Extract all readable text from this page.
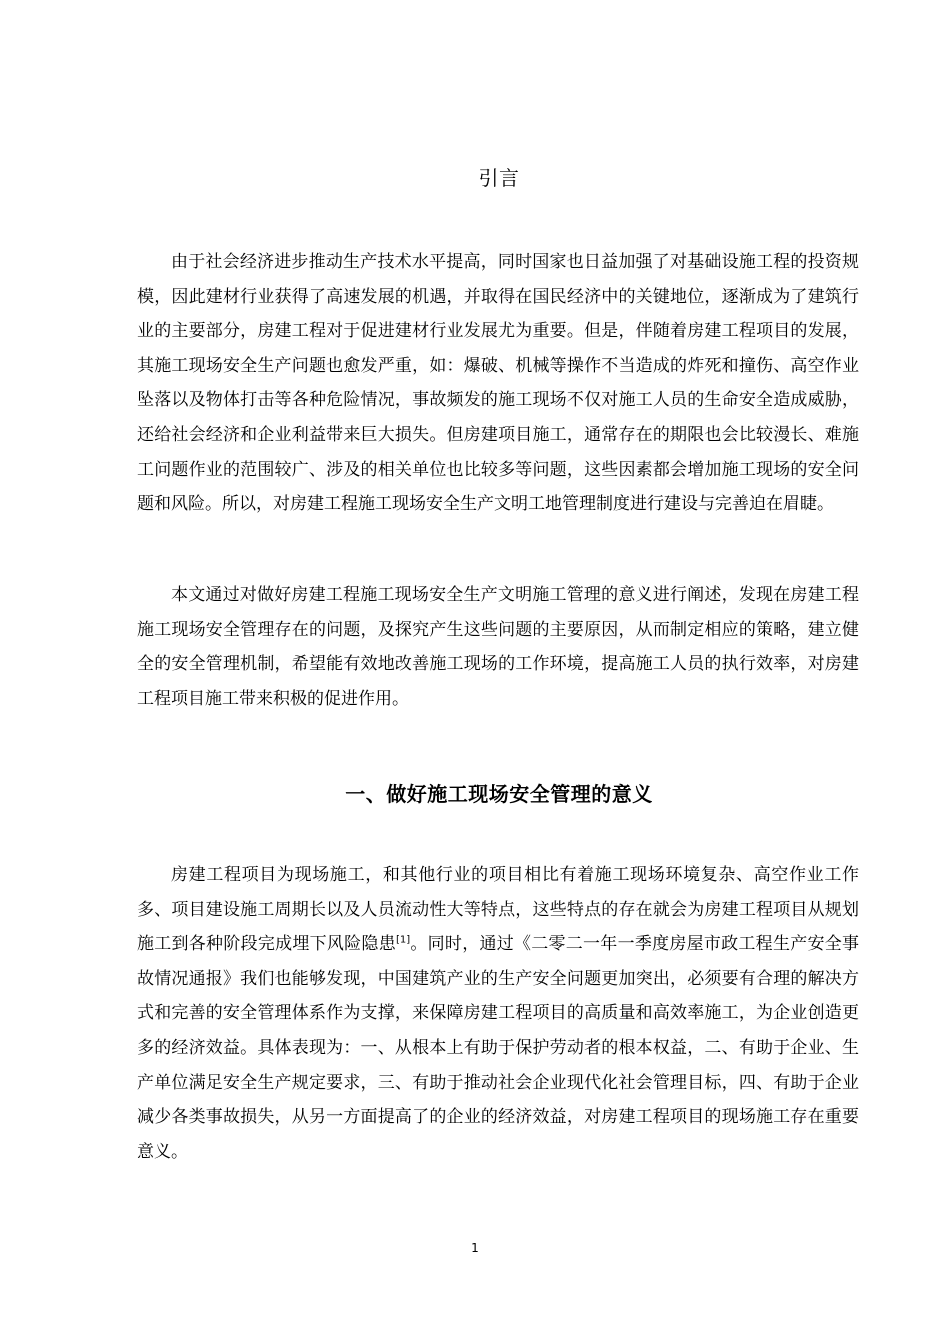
引言

由于社会经济进步推动生产技术水平提高，同时国家也日益加强了对基础设施工程的投资规模，因此建材行业获得了高速发展的机遇，并取得在国民经济中的关键地位，逐渐成为了建筑行业的主要部分，房建工程对于促进建材行业发展尤为重要。但是，伴随着房建工程项目的发展，其施工现场安全生产问题也愈发严重，如：爆破、机械等操作不当造成的炸死和撞伤、高空作业坠落以及物体打击等各种危险情况，事故频发的施工现场不仅对施工人员的生命安全造成威胁，还给社会经济和企业利益带来巨大损失。但房建项目施工，通常存在的期限也会比较漫长、难施工问题作业的范围较广、涉及的相关单位也比较多等问题，这些因素都会增加施工现场的安全问题和风险。所以，对房建工程施工现场安全生产文明工地管理制度进行建设与完善迫在眉睫。

本文通过对做好房建工程施工现场安全生产文明施工管理的意义进行阐述，发现在房建工程施工现场安全管理存在的问题，及探究产生这些问题的主要原因，从而制定相应的策略，建立健全的安全管理机制，希望能有效地改善施工现场的工作环境，提高施工人员的执行效率，对房建工程项目施工带来积极的促进作用。

一、做好施工现场安全管理的意义

房建工程项目为现场施工，和其他行业的项目相比有着施工现场环境复杂、高空作业工作多、项目建设施工周期长以及人员流动性大等特点，这些特点的存在就会为房建工程项目从规划施工到各种阶段完成埋下风险隐患[1]。同时，通过《二零二一年一季度房屋市政工程生产安全事故情况通报》我们也能够发现，中国建筑产业的生产安全问题更加突出，必须要有合理的解决方式和完善的安全管理体系作为支撑，来保障房建工程项目的高质量和高效率施工，为企业创造更多的经济效益。具体表现为：一、从根本上有助于保护劳动者的根本权益，二、有助于企业、生产单位满足安全生产规定要求，三、有助于推动社会企业现代化社会管理目标，四、有助于企业减少各类事故损失，从另一方面提高了的企业的经济效益，对房建工程项目的现场施工存在重要意义。

1
